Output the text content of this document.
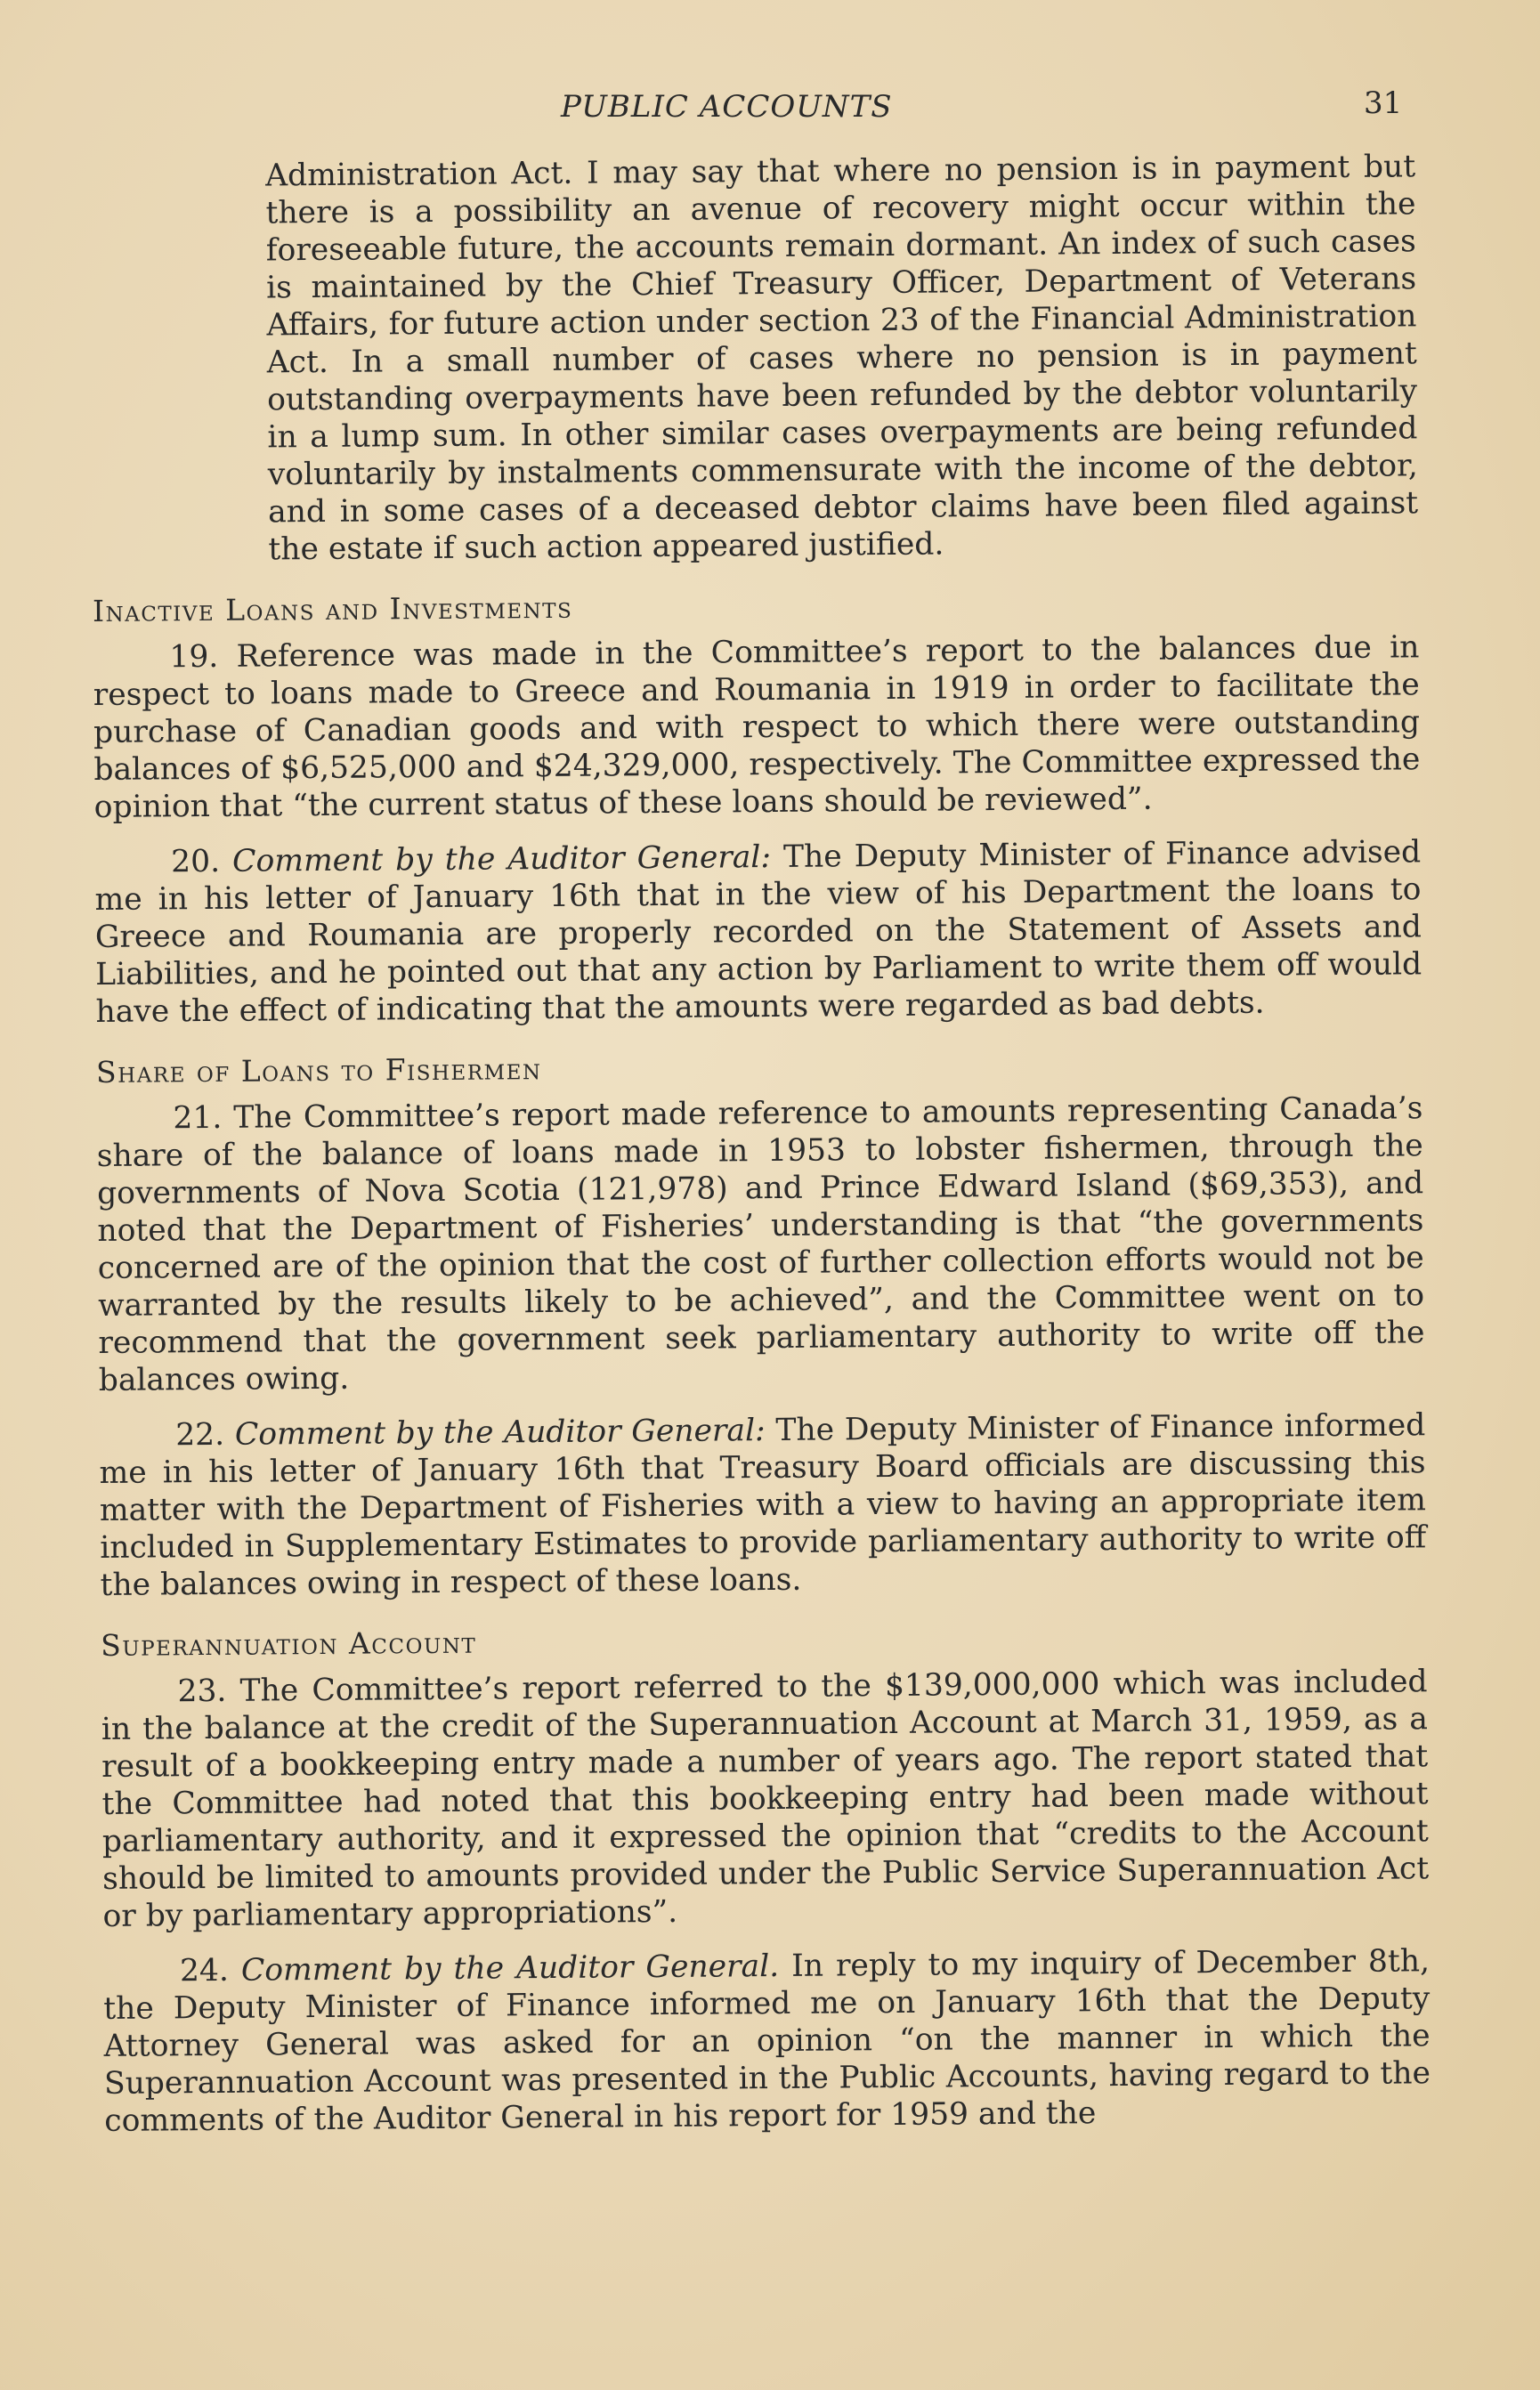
PUBLIC ACCOUNTS	31

Administration Act. I may say that where no pension is in payment but there is a possibility an avenue of recovery might occur within the foreseeable future, the accounts remain dormant. An index of such cases is maintained by the Chief Treasury Officer, Department of Veterans Affairs, for future action under section 23 of the Financial Administration Act. In a small number of cases where no pension is in payment outstanding overpayments have been refunded by the debtor voluntarily in a lump sum. In other similar cases overpayments are being refunded voluntarily by instalments commensurate with the income of the debtor, and in some cases of a deceased debtor claims have been filed against the estate if such action appeared justified.

Inactive Loans and Investments

19. Reference was made in the Committee’s report to the balances due in respect to loans made to Greece and Roumania in 1919 in order to facilitate the purchase of Canadian goods and with respect to which there were outstanding balances of $6,525,000 and $24,329,000, respectively. The Committee expressed the opinion that “the current status of these loans should be reviewed”.

20. Comment by the Auditor General: The Deputy Minister of Finance advised me in his letter of January 16th that in the view of his Department the loans to Greece and Roumania are properly recorded on the Statement of Assets and Liabilities, and he pointed out that any action by Parliament to write them off would have the effect of indicating that the amounts were regarded as bad debts.

Share of Loans to Fishermen

21. The Committee’s report made reference to amounts representing Canada’s share of the balance of loans made in 1953 to lobster fishermen, through the governments of Nova Scotia (121,978) and Prince Edward Island ($69,353), and noted that the Department of Fisheries’ understanding is that “the governments concerned are of the opinion that the cost of further collection efforts would not be warranted by the results likely to be achieved”, and the Committee went on to recommend that the government seek parliamentary authority to write off the balances owing.

22. Comment by the Auditor General: The Deputy Minister of Finance informed me in his letter of January 16th that Treasury Board officials are discussing this matter with the Department of Fisheries with a view to having an appropriate item included in Supplementary Estimates to provide parliamentary authority to write off the balances owing in respect of these loans.

Superannuation Account

23. The Committee’s report referred to the $139,000,000 which was included in the balance at the credit of the Superannuation Account at March 31, 1959, as a result of a bookkeeping entry made a number of years ago. The report stated that the Committee had noted that this bookkeeping entry had been made without parliamentary authority, and it expressed the opinion that “credits to the Account should be limited to amounts provided under the Public Service Superannuation Act or by parliamentary appropriations”.

24. Comment by the Auditor General. In reply to my inquiry of December 8th, the Deputy Minister of Finance informed me on January 16th that the Deputy Attorney General was asked for an opinion “on the manner in which the Superannuation Account was presented in the Public Accounts, having regard to the comments of the Auditor General in his report for 1959 and the
